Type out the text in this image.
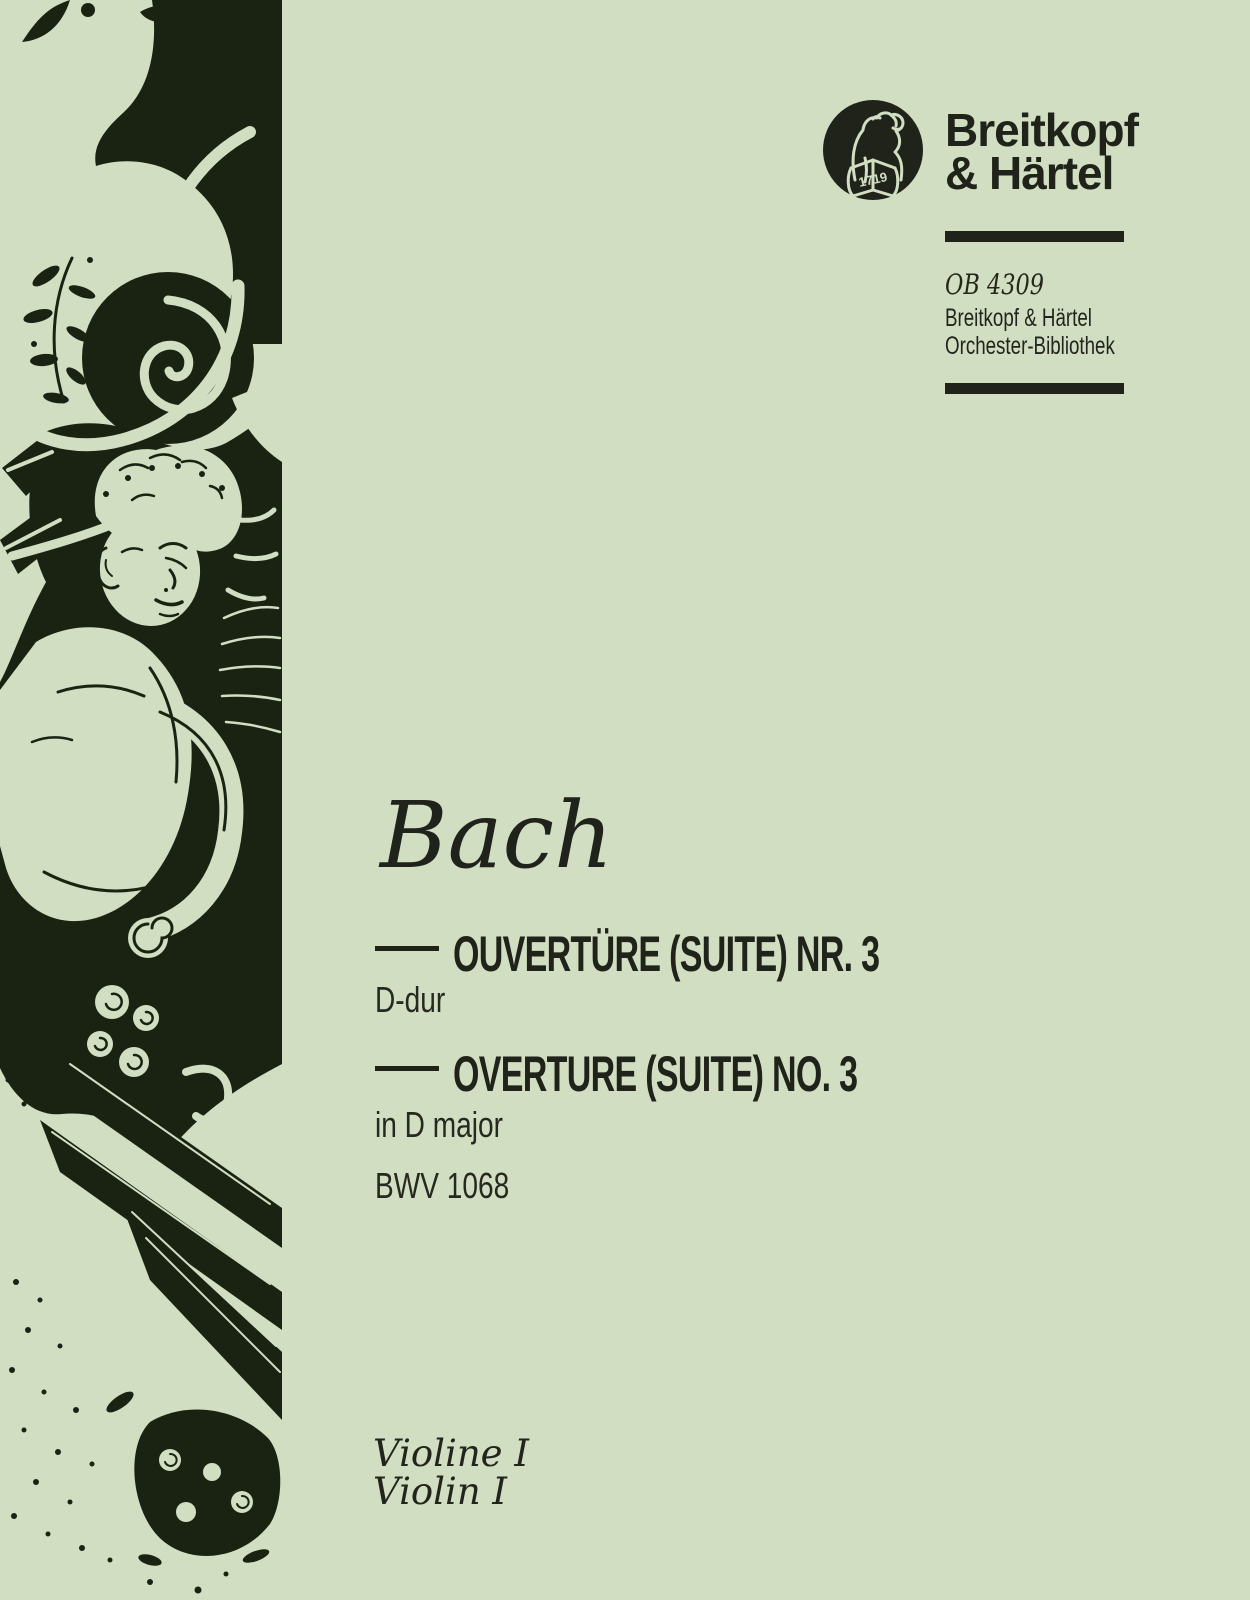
1719
Breitkopf
& Härtel
OB 4309
Breitkopf & Härtel
Orchester-Bibliothek
Bach
OUVERTÜRE (SUITE) NR. 3
D-dur
OVERTURE (SUITE) NO. 3
in D major
BWV 1068
Violine I
Violin I
